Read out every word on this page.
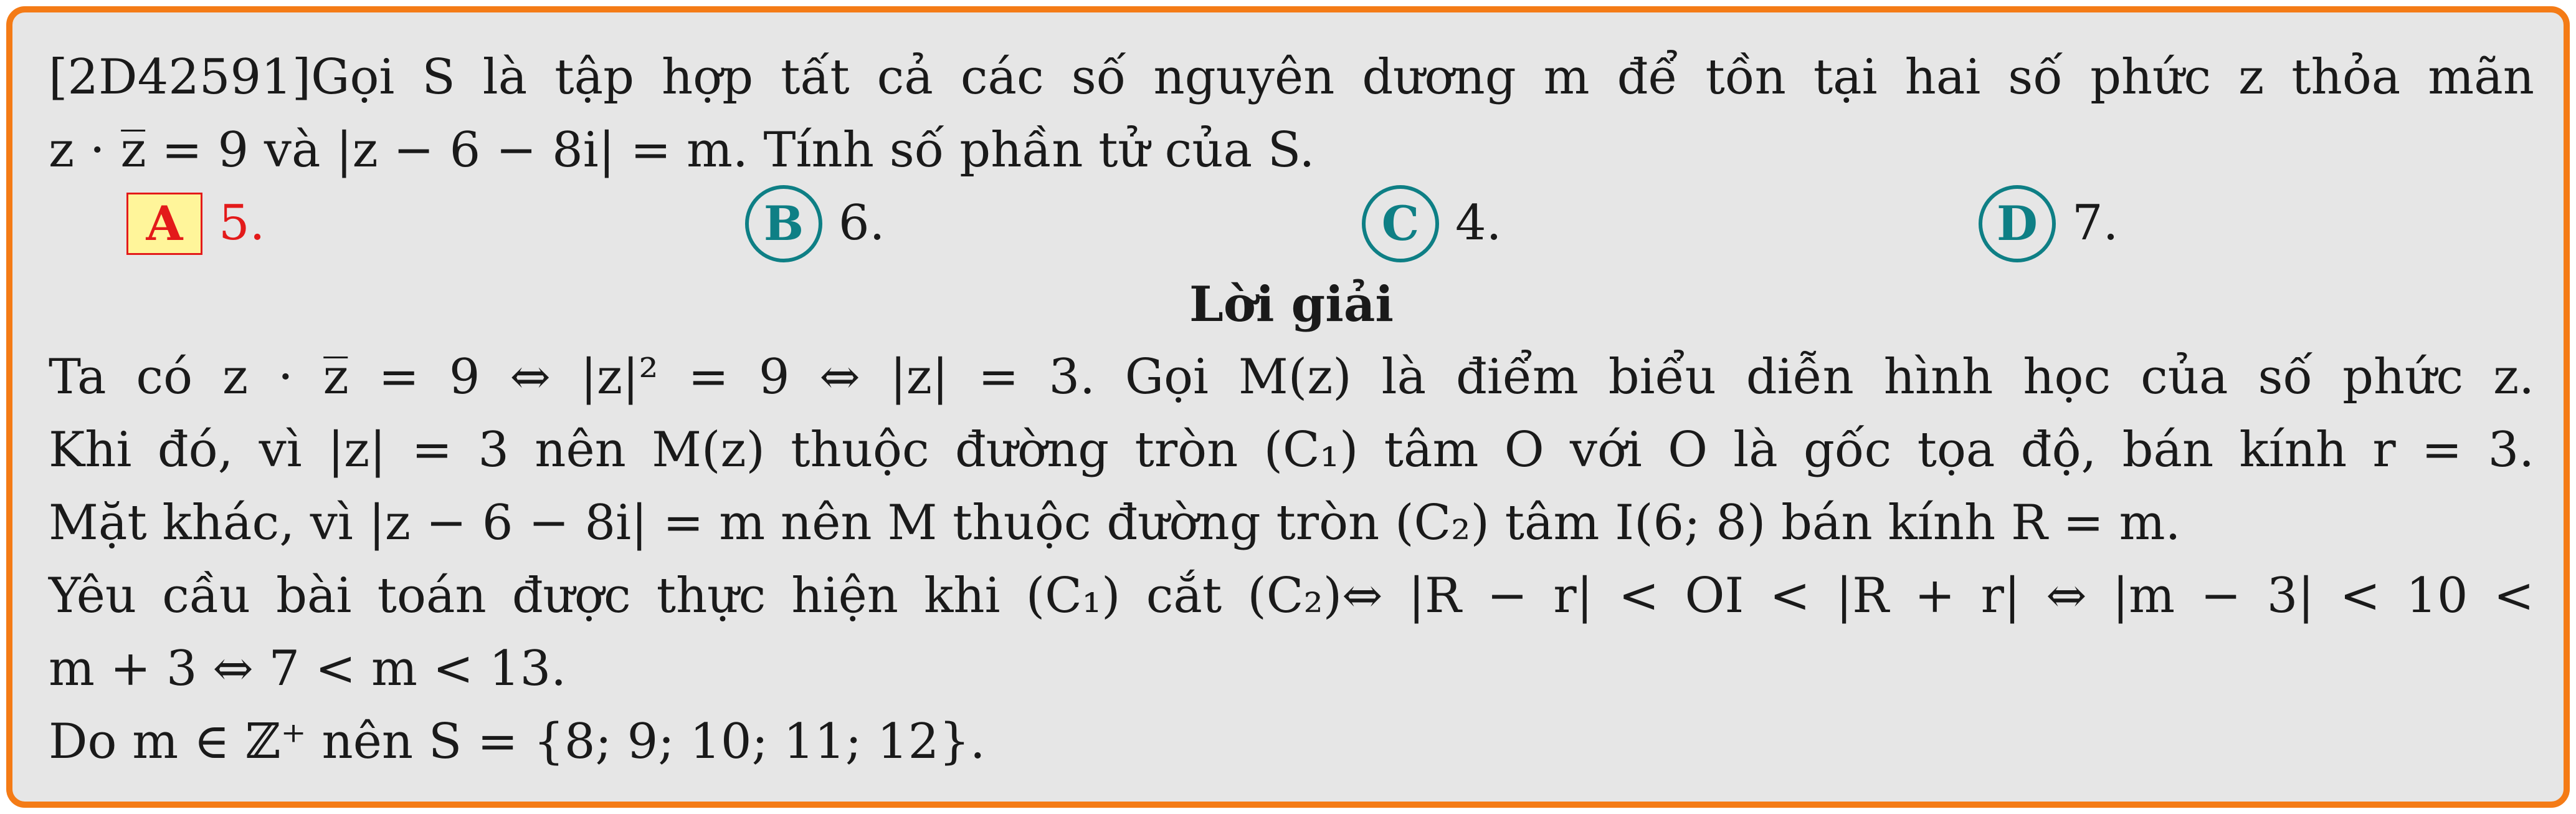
[2D42591]Gọi S là tập hợp tất cả các số nguyên dương m để tồn tại hai số phức z thỏa mãn
z · z̅ = 9 và |z − 6 − 8i| = m. Tính số phần tử của S.
A 5.	B 6.	C 4.	D 7.
Lời giải
Ta có z · z̅ = 9 ⇔ |z|² = 9 ⇔ |z| = 3. Gọi M(z) là điểm biểu diễn hình học của số phức z.
Khi đó, vì |z| = 3 nên M(z) thuộc đường tròn (C₁) tâm O với O là gốc tọa độ, bán kính r = 3.
Mặt khác, vì |z − 6 − 8i| = m nên M thuộc đường tròn (C₂) tâm I(6; 8) bán kính R = m.
Yêu cầu bài toán được thực hiện khi (C₁) cắt (C₂)⇔ |R − r| < OI < |R + r| ⇔ |m − 3| < 10 <
m + 3 ⇔ 7 < m < 13.
Do m ∈ ℤ⁺ nên S = {8; 9; 10; 11; 12}.
